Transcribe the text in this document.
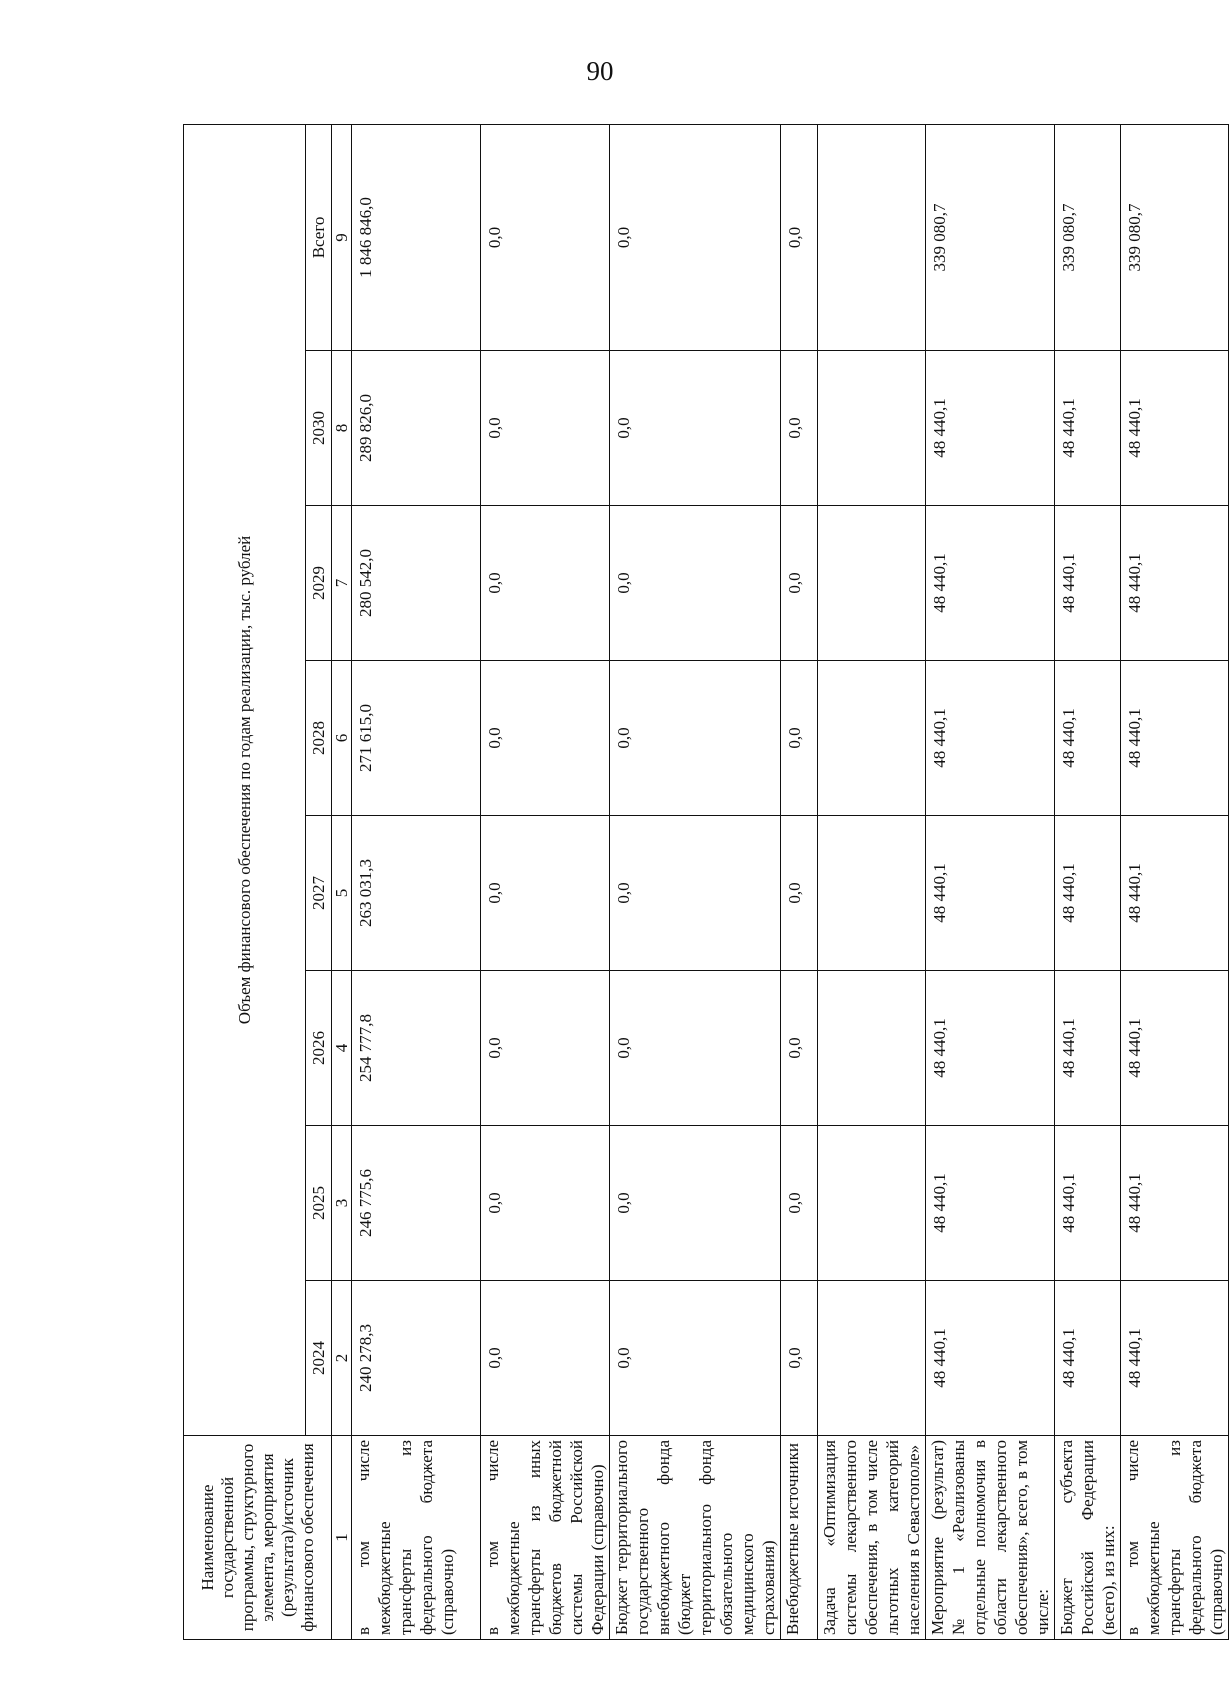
90
Наименование государственной программы, структурного элемента, мероприятия (результата)/источник финансового обеспечения	Объем финансового обеспечения по годам реализации, тыс. рублей							
	2024	2025	2026	2027	2028	2029	2030	Всего
1	2	3	4	5	6	7	8	9
в том числе межбюджетные трансферты из федерального бюджета (справочно)	240 278,3	246 775,6	254 777,8	263 031,3	271 615,0	280 542,0	289 826,0	1 846 846,0
в том числе межбюджетные трансферты из иных бюджетов бюджетной системы Российской Федерации (справочно)	0,0	0,0	0,0	0,0	0,0	0,0	0,0	0,0
Бюджет территориального государственного внебюджетного фонда (бюджет территориального фонда обязательного медицинского страхования)	0,0	0,0	0,0	0,0	0,0	0,0	0,0	0,0
Внебюджетные источники	0,0	0,0	0,0	0,0	0,0	0,0	0,0	0,0
Задача «Оптимизация системы лекарственного обеспечения, в том числе льготных категорий населения в Севастополе»								
Мероприятие (результат) № 1 «Реализованы отдельные полномочия в области лекарственного обеспечения», всего, в том числе:	48 440,1	48 440,1	48 440,1	48 440,1	48 440,1	48 440,1	48 440,1	339 080,7
Бюджет субъекта Российской Федерации (всего), из них:	48 440,1	48 440,1	48 440,1	48 440,1	48 440,1	48 440,1	48 440,1	339 080,7
в том числе межбюджетные трансферты из федерального бюджета (справочно)	48 440,1	48 440,1	48 440,1	48 440,1	48 440,1	48 440,1	48 440,1	339 080,7
